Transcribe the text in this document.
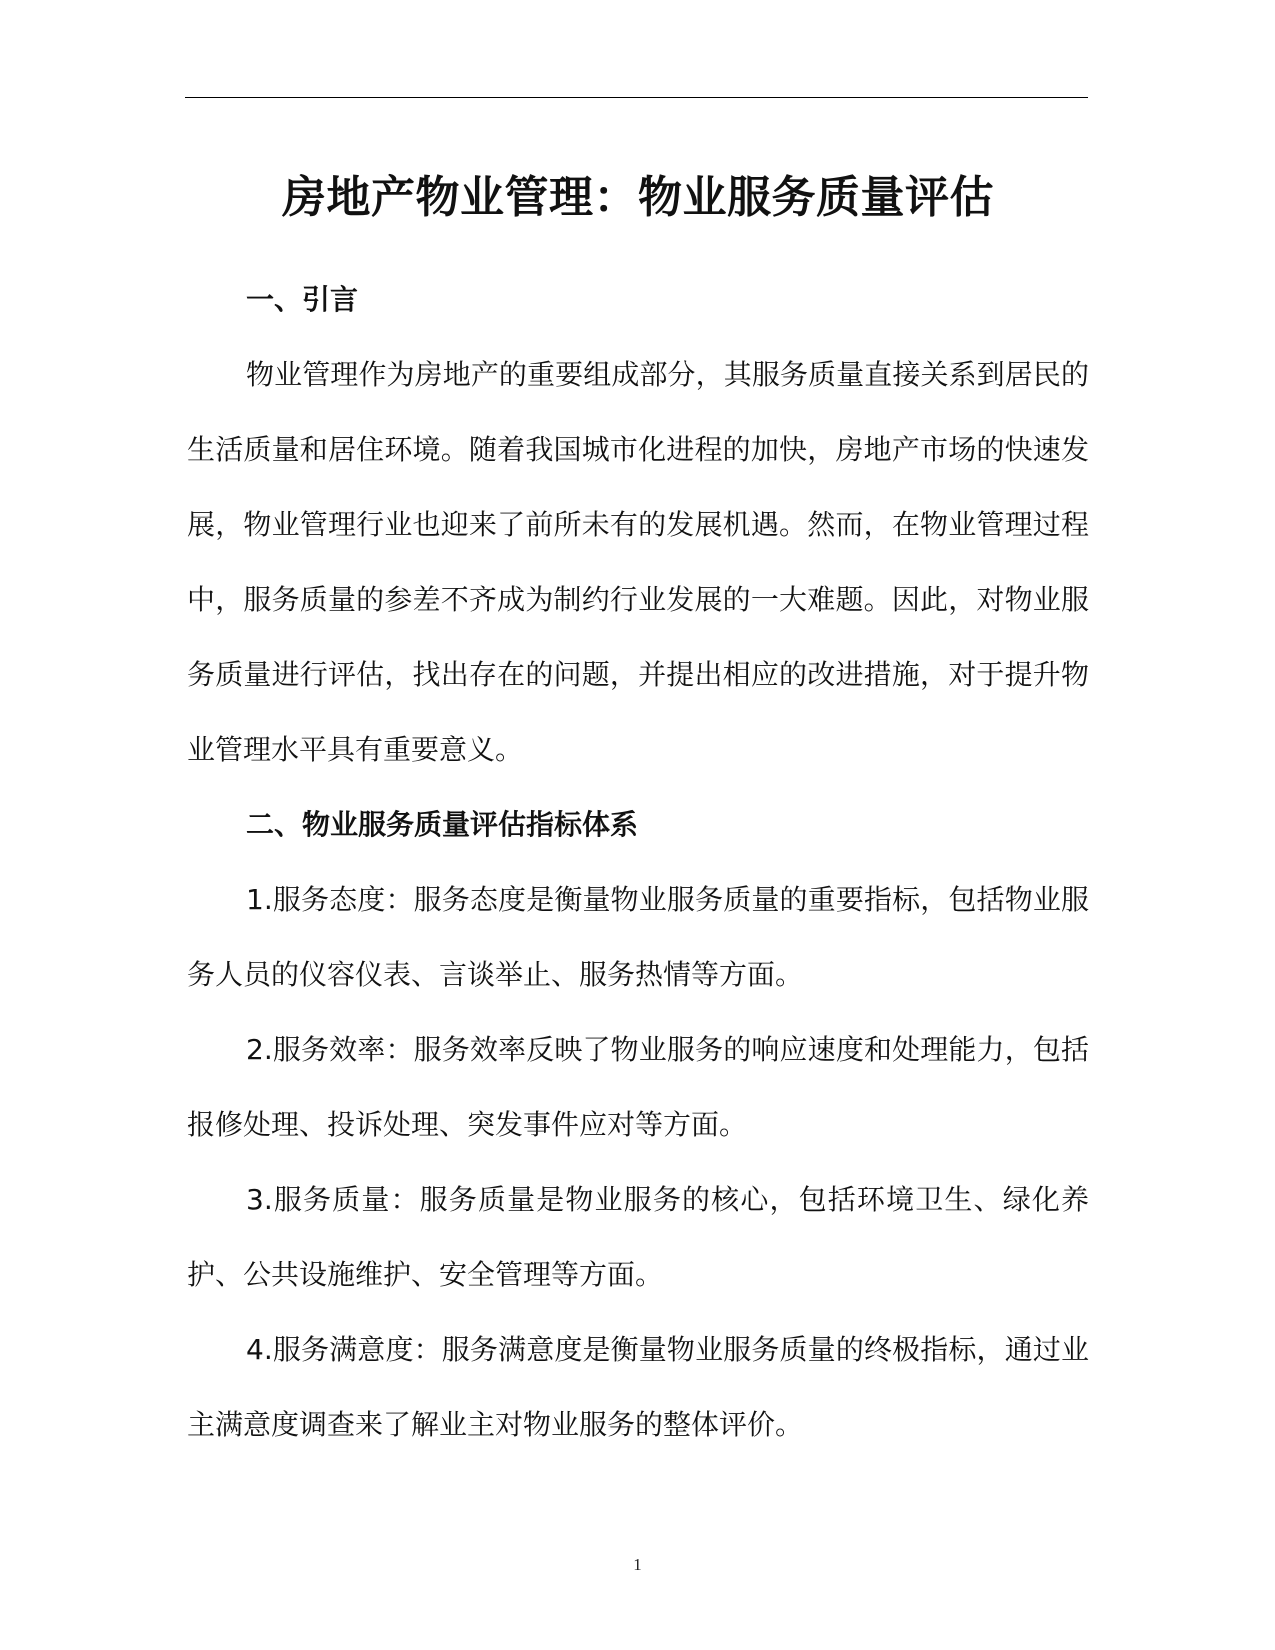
房地产物业管理：物业服务质量评估
一、引言

物业管理作为房地产的重要组成部分，其服务质量直接关系到居民的生活质量和居住环境。随着我国城市化进程的加快，房地产市场的快速发展，物业管理行业也迎来了前所未有的发展机遇。然而，在物业管理过程中，服务质量的参差不齐成为制约行业发展的一大难题。因此，对物业服务质量进行评估，找出存在的问题，并提出相应的改进措施，对于提升物业管理水平具有重要意义。

二、物业服务质量评估指标体系

1.服务态度：服务态度是衡量物业服务质量的重要指标，包括物业服务人员的仪容仪表、言谈举止、服务热情等方面。

2.服务效率：服务效率反映了物业服务的响应速度和处理能力，包括报修处理、投诉处理、突发事件应对等方面。

3.服务质量：服务质量是物业服务的核心，包括环境卫生、绿化养护、公共设施维护、安全管理等方面。

4.服务满意度：服务满意度是衡量物业服务质量的终极指标，通过业主满意度调查来了解业主对物业服务的整体评价。

1
